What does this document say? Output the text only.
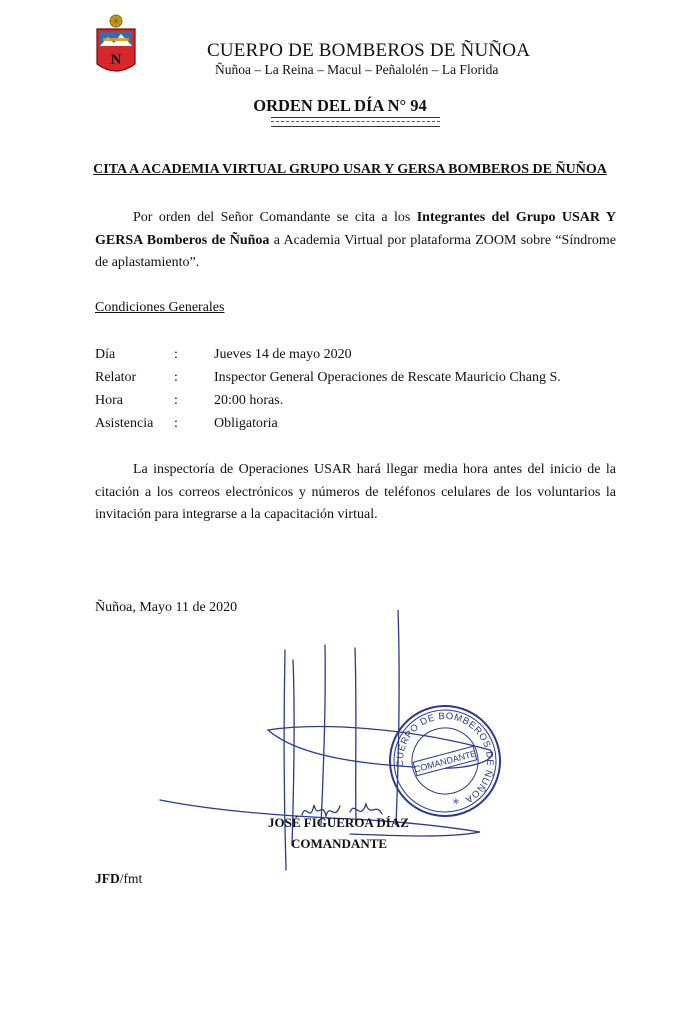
N	CUERPO DE BOMBEROS DE ÑUÑOA
Ñuñoa – La Reina – Macul – Peñalolén – La Florida
ORDEN DEL DÍA N° 94
CITA A ACADEMIA VIRTUAL GRUPO USAR Y GERSA BOMBEROS DE ÑUÑOA
Por orden del Señor Comandante se cita a los Integrantes del Grupo USAR Y GERSA Bomberos de Ñuñoa a Academia Virtual por plataforma ZOOM sobre “Síndrome de aplastamiento”.
Condiciones Generales
Día	:	Jueves 14 de mayo 2020
Relator	:	Inspector General Operaciones de Rescate Mauricio Chang S.
Hora	:	20:00 horas.
Asistencia :	Obligatoria
La inspectoría de Operaciones USAR hará llegar media hora antes del inicio de la citación a los correos electrónicos y números de teléfonos celulares de los voluntarios la invitación para integrarse a la capacitación virtual.
Ñuñoa, Mayo 11 de 2020
CUERPO DE BOMBEROS DE ÑUÑOA
COMANDANTE
✳
JOSÉ FIGUEROA DÍAZ
COMANDANTE
JFD/fmt
